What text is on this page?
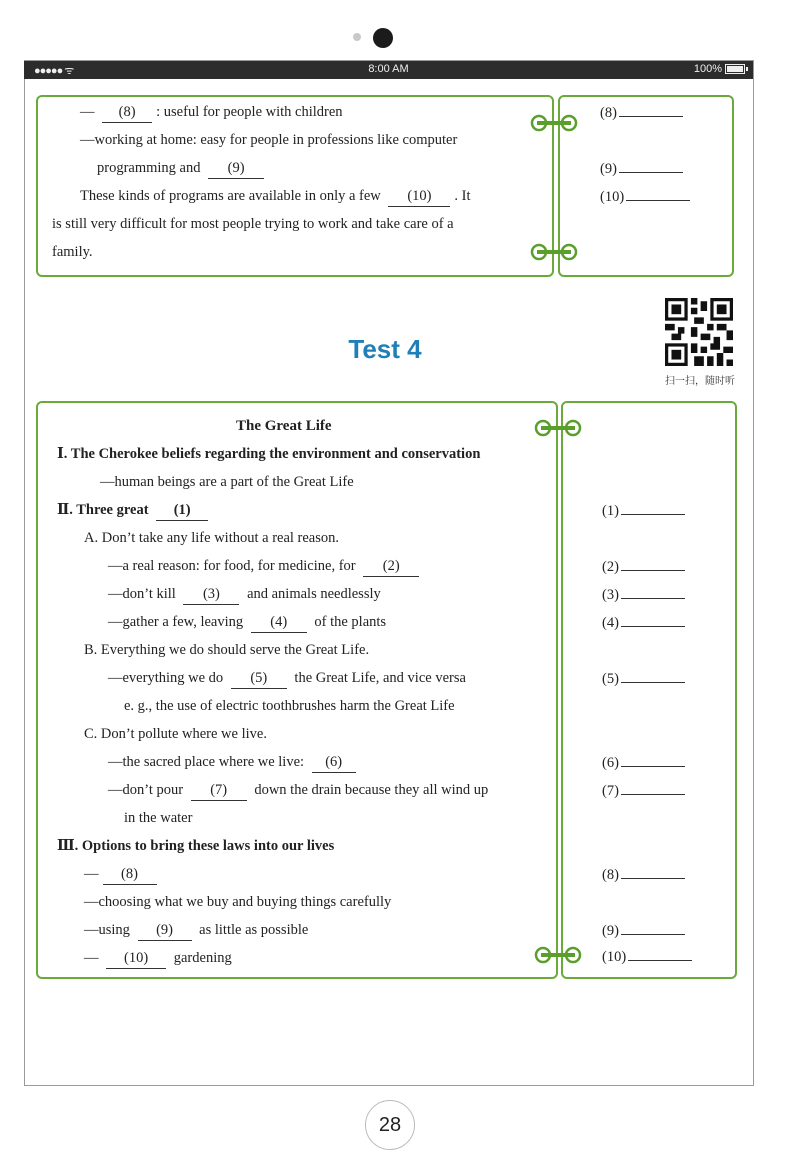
●●●●● ᯤ	8:00 AM	100%
— (8) : useful for people with children
—working at home: easy for people in professions like computer
programming and (9)
These kinds of programs are available in only a few (10) . It
is still very difficult for most people trying to work and take care of a
family.
(8)
(9)
(10)
Test 4
扫一扫，随时听
The Great Life
Ⅰ. The Cherokee beliefs regarding the environment and conservation
—human beings are a part of the Great Life
Ⅱ. Three great (1)
A. Don’t take any life without a real reason.
—a real reason: for food, for medicine, for (2)
—don’t kill (3) and animals needlessly
—gather a few, leaving (4) of the plants
B. Everything we do should serve the Great Life.
—everything we do (5) the Great Life, and vice versa
e. g., the use of electric toothbrushes harm the Great Life
C. Don’t pollute where we live.
—the sacred place where we live: (6)
—don’t pour (7) down the drain because they all wind up
in the water
Ⅲ. Options to bring these laws into our lives
— (8)
—choosing what we buy and buying things carefully
—using (9) as little as possible
— (10) gardening
(1)
(2)
(3)
(4)
(5)
(6)
(7)
(8)
(9)
(10)
28
